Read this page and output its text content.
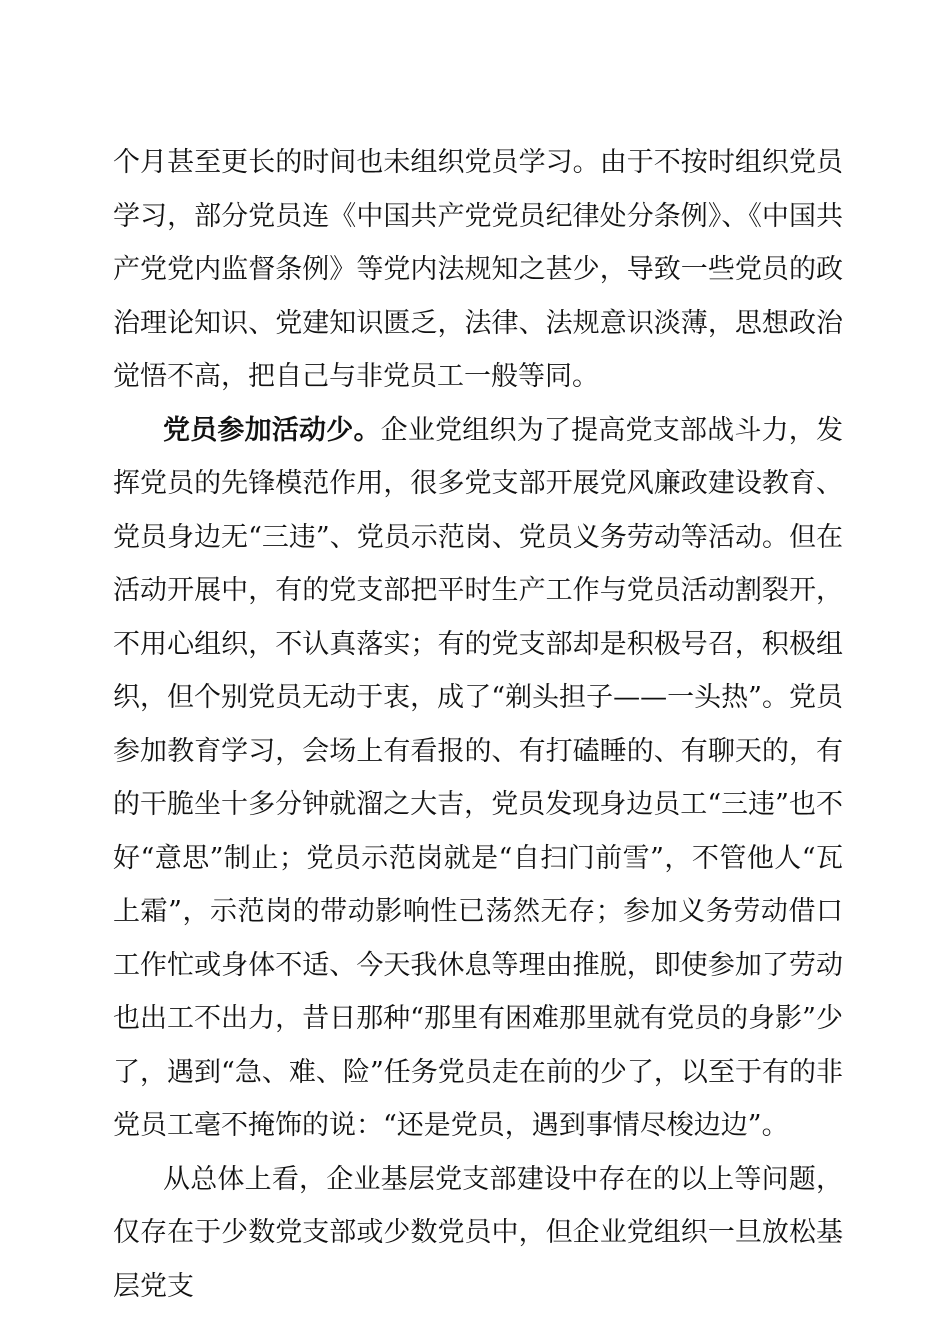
个月甚至更长的时间也未组织党员学习。由于不按时组织党员学习，部分党员连《中国共产党党员纪律处分条例》、《中国共产党党内监督条例》等党内法规知之甚少，导致一些党员的政治理论知识、党建知识匮乏，法律、法规意识淡薄，思想政治觉悟不高，把自己与非党员工一般等同。

党员参加活动少。企业党组织为了提高党支部战斗力，发挥党员的先锋模范作用，很多党支部开展党风廉政建设教育、党员身边无“三违”、党员示范岗、党员义务劳动等活动。但在活动开展中，有的党支部把平时生产工作与党员活动割裂开，不用心组织，不认真落实；有的党支部却是积极号召，积极组织，但个别党员无动于衷，成了“剃头担子——一头热”。党员参加教育学习，会场上有看报的、有打磕睡的、有聊天的，有的干脆坐十多分钟就溜之大吉，党员发现身边员工“三违”也不好“意思”制止；党员示范岗就是“自扫门前雪”，不管他人“瓦上霜”，示范岗的带动影响性已荡然无存；参加义务劳动借口工作忙或身体不适、今天我休息等理由推脱，即使参加了劳动也出工不出力，昔日那种“那里有困难那里就有党员的身影”少了，遇到“急、难、险”任务党员走在前的少了，以至于有的非党员工毫不掩饰的说：“还是党员，遇到事情尽梭边边”。

从总体上看，企业基层党支部建设中存在的以上等问题，仅存在于少数党支部或少数党员中，但企业党组织一旦放松基层党支
